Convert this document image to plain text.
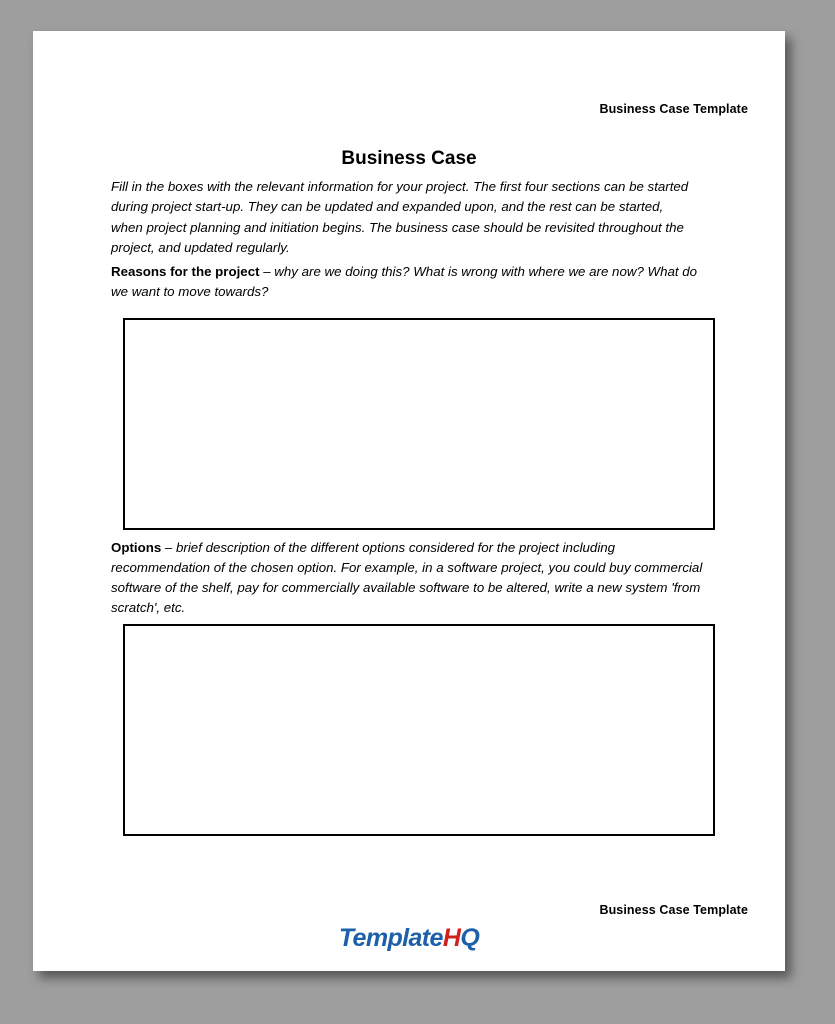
Business Case Template
Business Case
Fill in the boxes with the relevant information for your project. The first four sections can be started during project start-up. They can be updated and expanded upon, and the rest can be started, when project planning and initiation begins. The business case should be revisited throughout the project, and updated regularly.
Reasons for the project – why are we doing this? What is wrong with where we are now? What do we want to move towards?
Options – brief description of the different options considered for the project including recommendation of the chosen option. For example, in a software project, you could buy commercial software of the shelf, pay for commercially available software to be altered, write a new system 'from scratch', etc.
Business Case Template
TemplateHQ
